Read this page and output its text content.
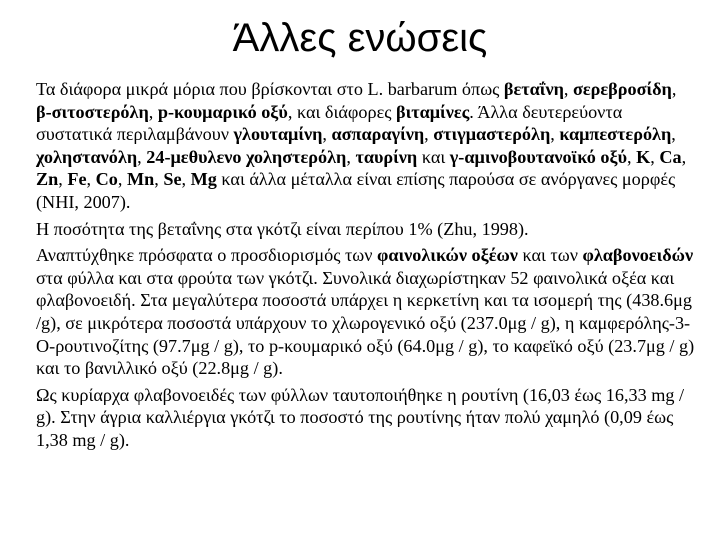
Άλλες ενώσεις

Τα διάφορα μικρά μόρια που βρίσκονται στο L. barbarum όπως βεταΐνη, σερεβροσίδη, β-σιτοστερόλη, p-κουμαρικό οξύ, και διάφορες βιταμίνες. Άλλα δευτερεύοντα συστατικά περιλαμβάνουν γλουταμίνη, ασπαραγίνη, στιγμαστερόλη, καμπεστερόλη, χοληστανόλη, 24-μεθυλενο χοληστερόλη, ταυρίνη και γ-αμινοβουτανοϊκό οξύ, K, Ca, Zn, Fe, Co, Mn, Se, Mg και άλλα μέταλλα είναι επίσης παρούσα σε ανόργανες μορφές (NHI, 2007).

Η ποσότητα της βεταΐνης στα γκότζι είναι περίπου 1% (Zhu, 1998).

Αναπτύχθηκε πρόσφατα ο προσδιορισμός των φαινολικών οξέων και των φλαβονοειδών στα φύλλα και στα φρούτα των γκότζι. Συνολικά διαχωρίστηκαν 52 φαινολικά οξέα και φλαβονοειδή. Στα μεγαλύτερα ποσοστά υπάρχει η κερκετίνη και τα ισομερή της (438.6μg /g), σε μικρότερα ποσοστά υπάρχουν το χλωρογενικό οξύ (237.0μg / g), η καμφερόλης-3-O-ρουτινοζίτης (97.7μg / g), το p-κουμαρικό οξύ (64.0μg / g), το καφεϊκό οξύ (23.7μg / g) και το βανιλλικό οξύ (22.8μg / g).

Ως κυρίαρχα φλαβονοειδές των φύλλων ταυτοποιήθηκε η ρουτίνη (16,03 έως 16,33 mg / g). Στην άγρια καλλιέργια γκότζι το ποσοστό της ρουτίνης ήταν πολύ χαμηλό (0,09 έως 1,38 mg / g).
